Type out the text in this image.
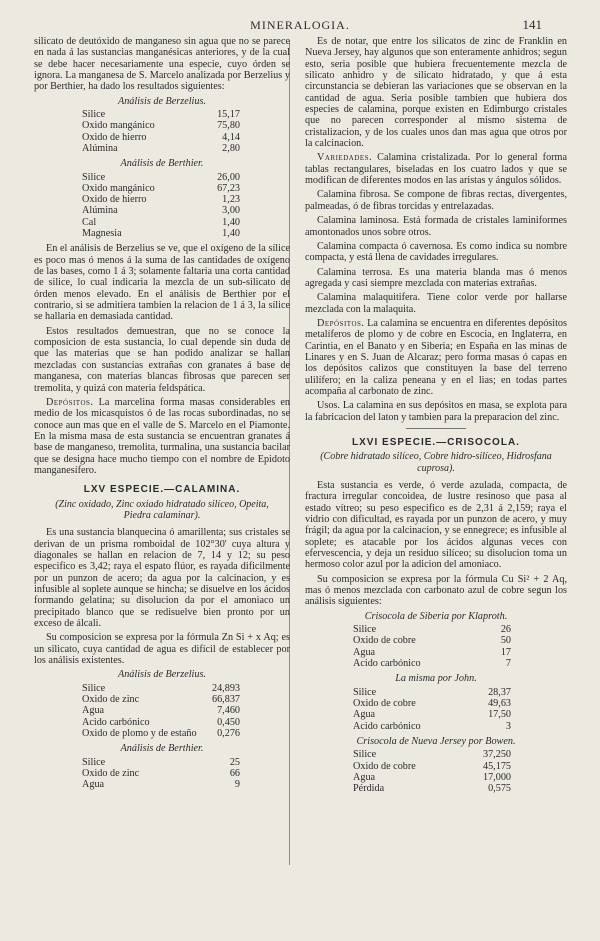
MINERALOGIA.	141

silicato de deutóxido de manganeso sin agua que no se parece en nada á las sustancias manganésicas anteriores, y de la cual se debe hacer necesariamente una especie, cuyo órden se ignora. La manganesa de S. Marcelo analizada por Berzelius y por Berthier, ha dado los resultados siguientes:

Análisis de Berzelius.
Silice	15,17
Oxido mangánico	75,80
Oxido de hierro	4,14
Alúmina	2,80
Análisis de Berthier.
Silice	26,00
Oxido mangánico	67,23
Oxido de hierro	1,23
Alúmina	3,00
Cal	1,40
Magnesia	1,40

En el análisis de Berzelius se ve, que el oxígeno de la sílice es poco mas ó menos á la suma de las cantidades de oxígeno de las bases, como 1 á 3; solamente faltaria una corta cantidad de silice, lo cual indicaria la mezcla de un sub-silicato de órden menos elevado. En el análisis de Berthier por el contrario, si se admitiera tambien la relacion de 1 á 3, la sílice se hallaria en demasiada cantidad.

Estos resultados demuestran, que no se conoce la composicion de esta sustancia, lo cual depende sin duda de que las materias que se han podido analizar se hallan mezcladas con sustancias extrañas con granates á base de manganesa, con materias blancas fibrosas que parecen ser tremolita, y quizá con materia feldspática.

Depósitos. La marcelina forma masas considerables en medio de los micasquistos ó de las rocas subordinadas, no se conoce aun mas que en el valle de S. Marcelo en el Piamonte. En la misma masa de esta sustancia se encuentran granates á base de manganeso, tremolita, turmalina, una sustancia bacilar que se designa hace mucho tiempo con el nombre de Epidoto manganesífero.

LXV ESPECIE.—CALAMINA.
(Zinc oxidado, Zinc oxiado hidratado silíceo, Opeita, Piedra calaminar).

Es una sustancia blanquecina ó amarillenta; sus cristales se derivan de un prisma romboidal de 102°30' cuya altura y diagonales se hallan en relacion de 7, 14 y 12; su peso especifico es 3,42; raya el espato flúor, es rayada dificilmente por un punzon de acero; da agua por la calcinacion, y es infusible al soplete aunque se hincha; se disuelve en los ácidos formando gelatina; su disolucion da por el amoniaco un precipitado blanco que se redisuelve bien pronto por un exceso de álcali.

Su composicion se expresa por la fórmula Zn Si + x Aq; es un silicato, cuya cantidad de agua es difícil de establecer por los análisis existentes.

Análisis de Berzelius.
Silice	24,893
Oxido de zinc	66,837
Agua	7,460
Acido carbónico	0,450
Oxido de plomo y de estaño	0,276
Análisis de Berthier.
Silice	25
Oxido de zinc	66
Agua	9

Es de notar, que entre los silicatos de zinc de Franklin en Nueva Jersey, hay algunos que son enteramente anhidros; segun esto, seria posible que hubiera frecuentemente mezcla de silicato anhidro y de silicato hidratado, y que á esta circunstancia se debieran las variaciones que se observan en la cantidad de agua. Seria posible tambien que hubiera dos especies de calamina, porque existen en Edimburgo cristales que no parecen corresponder al mismo sistema de cristalizacion, y de los cuales unos dan mas agua que otros por la calcinacion.

Variedades. Calamina cristalizada. Por lo general forma tablas rectangulares, biseladas en los cuatro lados y que se modifican de diferentes modos en las aristas y ángulos sólidos.

Calamina fibrosa. Se compone de fibras rectas, divergentes, palmeadas, ó de fibras torcidas y entrelazadas.

Calamina laminosa. Está formada de cristales laminiformes amontonados unos sobre otros.

Calamina compacta ó cavernosa. Es como indica su nombre compacta, y está llena de cavidades irregulares.

Calamina terrosa. Es una materia blanda mas ó menos agregada y casi siempre mezclada con materias extrañas.

Calamina malaquitifera. Tiene color verde por hallarse mezclada con la malaquita.

Depósitos. La calamina se encuentra en diferentes depósitos metalíferos de plomo y de cobre en Escocia, en Inglaterra, en Carintia, en el Banato y en Siberia; en España en las minas de Linares y en S. Juan de Alcaraz; pero forma masas ó capas en los depósitos calizos que constituyen la base del terreno ulilífero; en la caliza peneana y en el lias; en todas partes acompaña al carbonato de zinc.

Usos. La calamina en sus depósitos en masa, se explota para la fabricacion del laton y tambien para la preparacion del zinc.

LXVI ESPECIE.—CRISOCOLA.
(Cobre hidratado silíceo, Cobre hidro-silíceo, Hidrosfana cuprosa).

Esta sustancia es verde, ó verde azulada, compacta, de fractura irregular concoidea, de lustre resinoso que pasa al estado vítreo; su peso especifico es de 2,31 á 2,159; raya el vidrio con dificultad, es rayada por un punzon de acero, y muy frágil; da agua por la calcinacion, y se ennegrece; es infusible al soplete; es atacable por los ácidos algunas veces con efervescencia, y deja un residuo silíceo; su disolucion toma un hermoso color azul por la adicion del amoniaco.

Su composicion se expresa por la fórmula Cu Si² + 2 Aq, mas ó menos mezclada con carbonato azul de cobre segun los análisis siguientes:

Crisocola de Siberia por Klaproth.
Silice	26
Oxido de cobre	50
Agua	17
Acido carbónico	7
La misma por John.
Silice	28,37
Oxido de cobre	49,63
Agua	17,50
Acido carbónico	3
Crisocola de Nueva Jersey por Bowen.
Silice	37,250
Oxido de cobre	45,175
Agua	17,000
Pérdida	0,575
